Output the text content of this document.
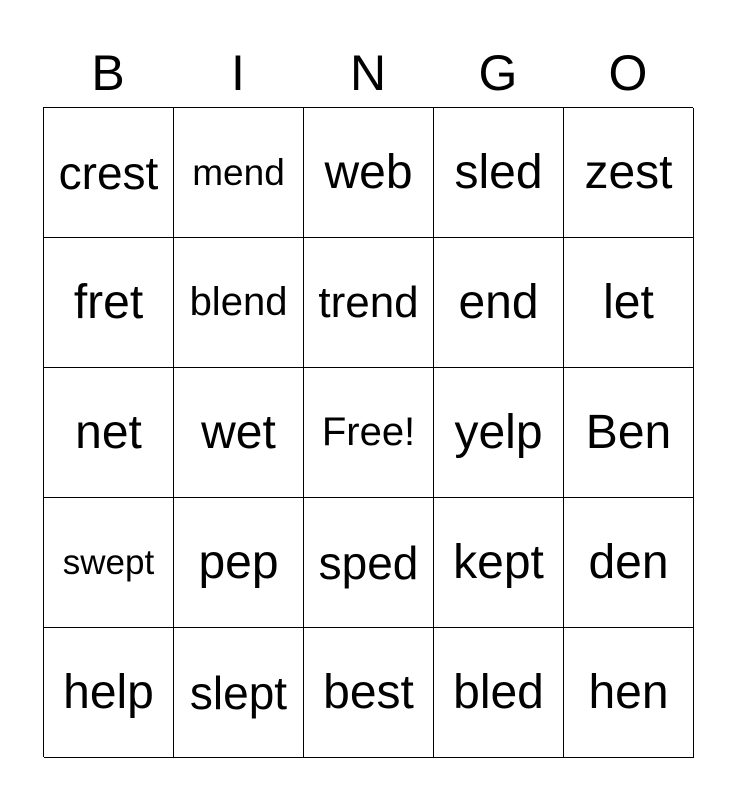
B	I	N	G	O
crest mend web sled zest
fret	blend trend end	let
net	wet	Free! yelp Ben
swept pep sped kept den
help slept best bled hen
